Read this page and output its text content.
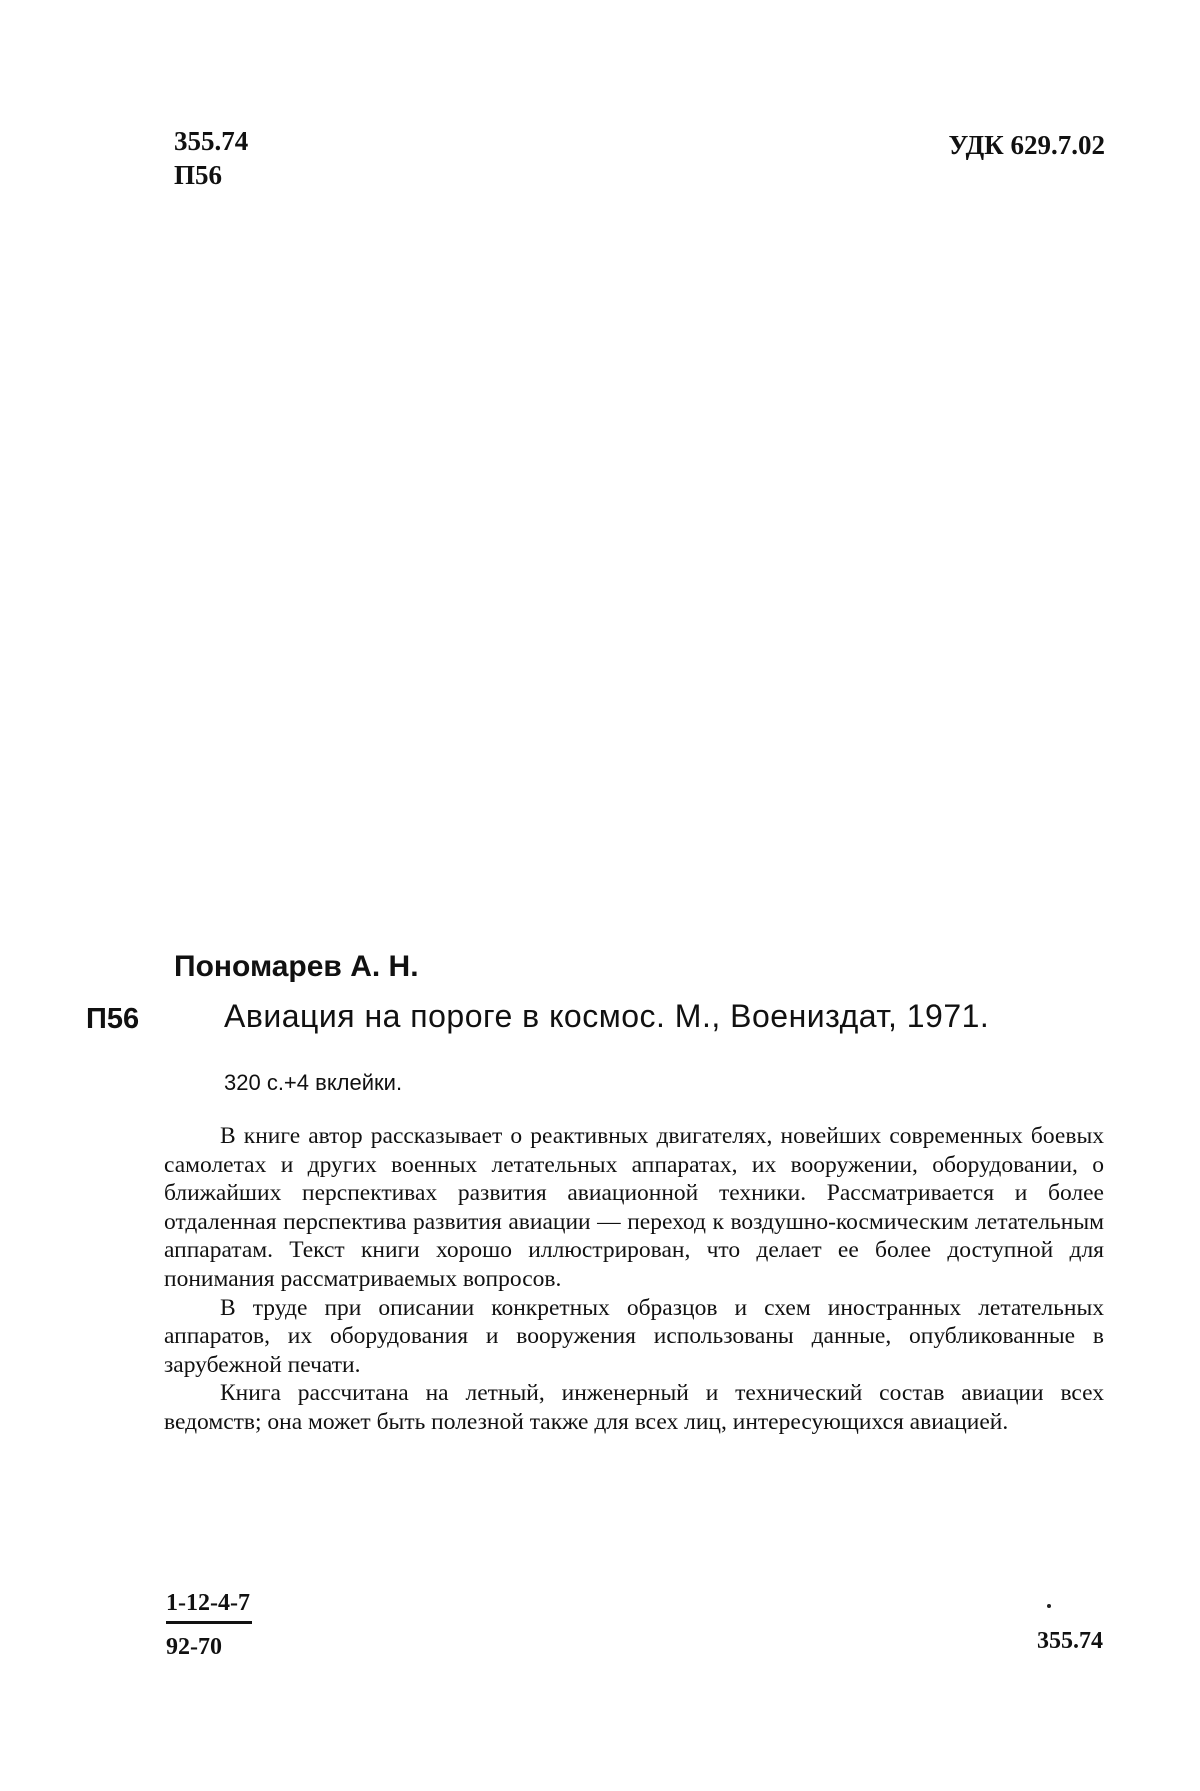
355.74
П56
УДК 629.7.02
Пономарев А. Н.
П56	Авиация на пороге в космос. М., Воениздат, 1971.
320 с.+4 вклейки.

В книге автор рассказывает о реактивных двигателях, новейших современных боевых самолетах и других военных летательных аппаратах, их вооружении, оборудовании, о ближайших перспективах развития авиационной техники. Рассматривается и более отдаленная перспектива развития авиации — переход к воздушно-космическим летательным аппаратам. Текст книги хорошо иллюстрирован, что делает ее более доступной для понимания рассматриваемых вопросов.

В труде при описании конкретных образцов и схем иностранных летательных аппаратов, их оборудования и вооружения использованы данные, опубликованные в зарубежной печати.

Книга рассчитана на летный, инженерный и технический состав авиации всех ведомств; она может быть полезной также для всех лиц, интересующихся авиацией.

$\frac{1-12-4-7}{92-70}$	355.74
